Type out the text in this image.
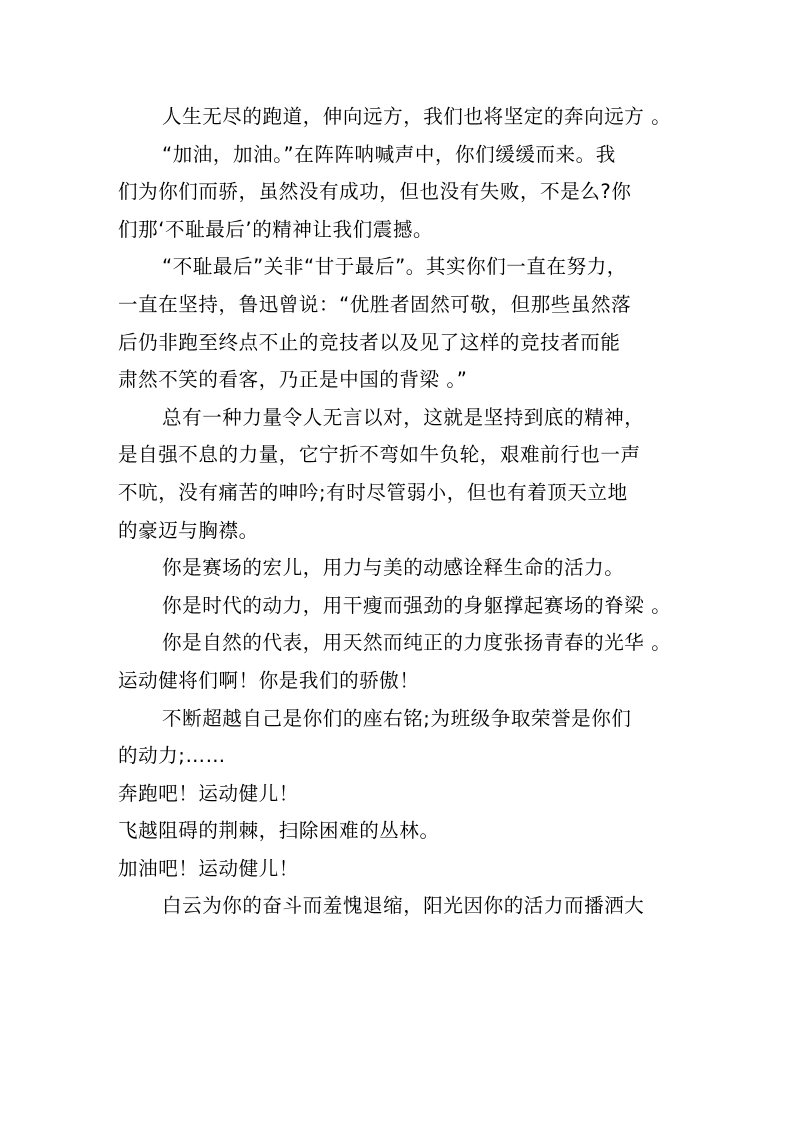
人生无尽的跑道，伸向远方，我们也将坚定的奔向远方 。
“加油，加油。”在阵阵呐喊声中，你们缓缓而来。我
们为你们而骄，虽然没有成功，但也没有失败，不是么?你
们那‘不耻最后’的精神让我们震撼。
“不耻最后”关非“甘于最后”。其实你们一直在努力，
一直在坚持，鲁迅曾说：“优胜者固然可敬，但那些虽然落
后仍非跑至终点不止的竞技者以及见了这样的竞技者而能
肃然不笑的看客，乃正是中国的背梁 。”
总有一种力量令人无言以对，这就是坚持到底的精神，
是自强不息的力量，它宁折不弯如牛负轮，艰难前行也一声
不吭，没有痛苦的呻吟;有时尽管弱小，但也有着顶天立地
的豪迈与胸襟。
你是赛场的宏儿，用力与美的动感诠释生命的活力。
你是时代的动力，用干瘦而强劲的身躯撑起赛场的脊梁 。
你是自然的代表，用天然而纯正的力度张扬青春的光华 。
运动健将们啊！你是我们的骄傲！
不断超越自己是你们的座右铭;为班级争取荣誉是你们
的动力;……
奔跑吧！运动健儿！
飞越阻碍的荆棘，扫除困难的丛林。
加油吧！运动健儿！
白云为你的奋斗而羞愧退缩，阳光因你的活力而播洒大
